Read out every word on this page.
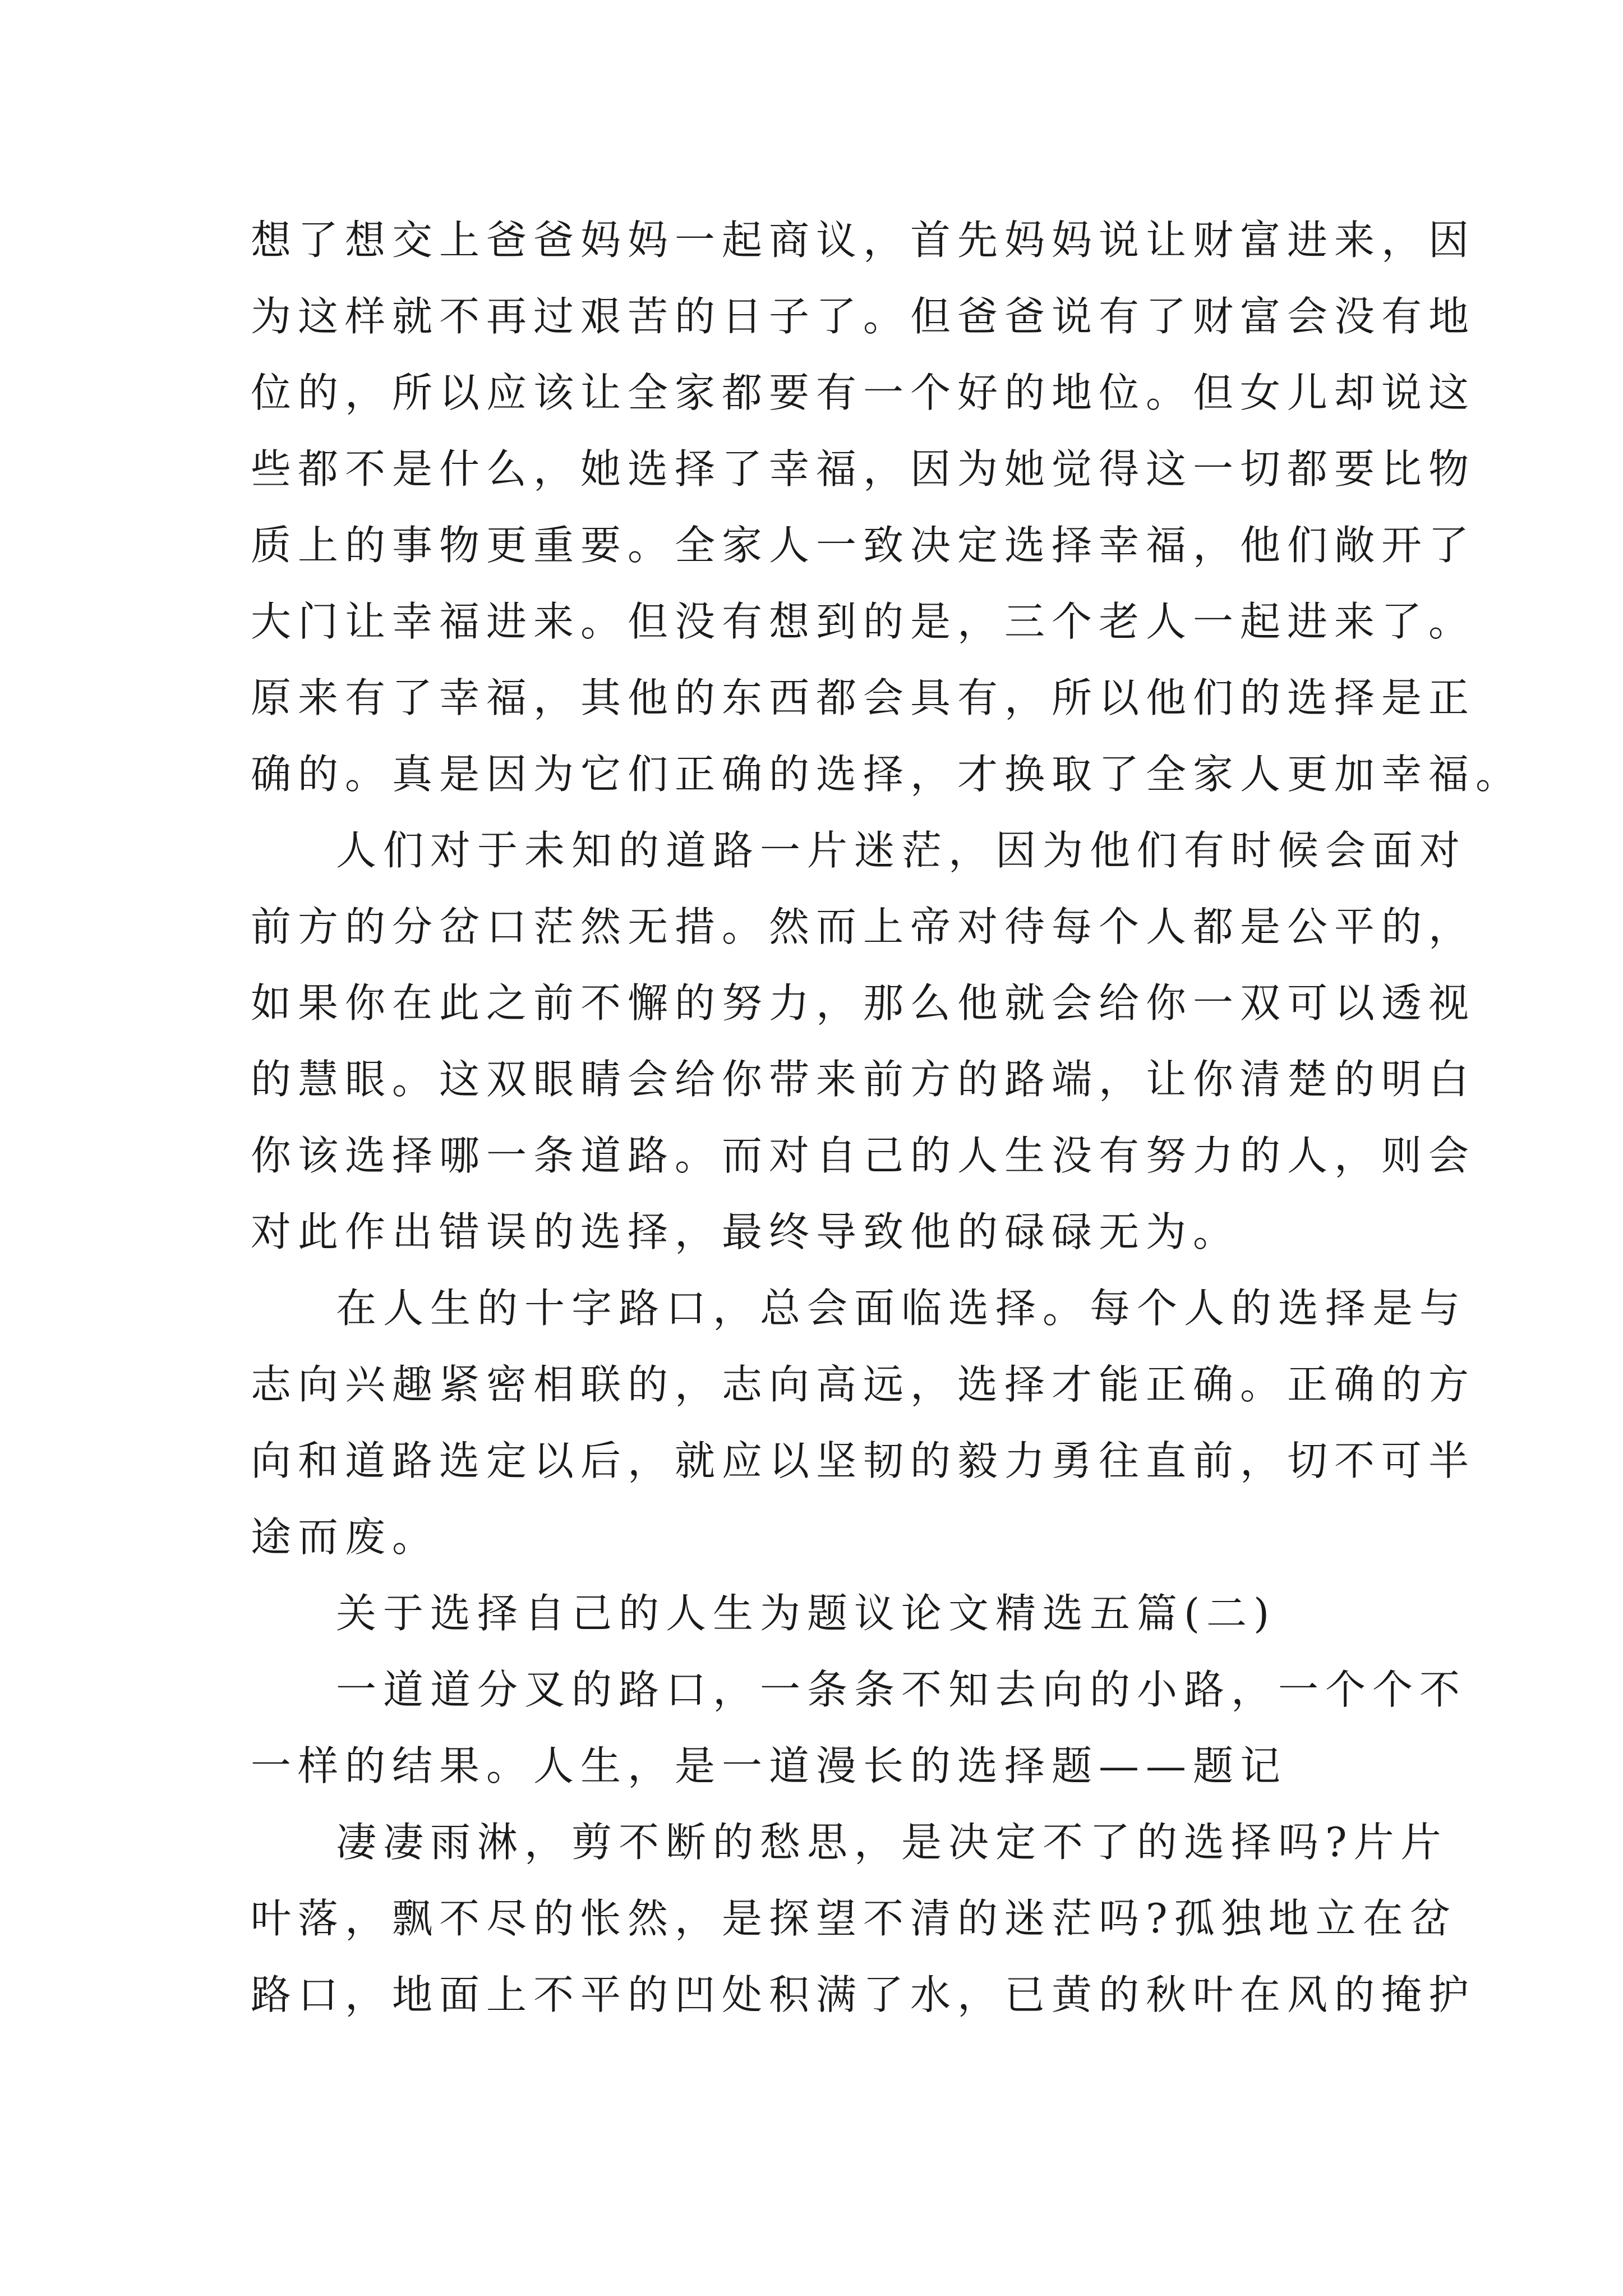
想了想交上爸爸妈妈一起商议，首先妈妈说让财富进来，因
为这样就不再过艰苦的日子了。但爸爸说有了财富会没有地
位的，所以应该让全家都要有一个好的地位。但女儿却说这
些都不是什么，她选择了幸福，因为她觉得这一切都要比物
质上的事物更重要。全家人一致决定选择幸福，他们敞开了
大门让幸福进来。但没有想到的是，三个老人一起进来了。
原来有了幸福，其他的东西都会具有，所以他们的选择是正
确的。真是因为它们正确的选择，才换取了全家人更加幸福。
人们对于未知的道路一片迷茫，因为他们有时候会面对
前方的分岔口茫然无措。然而上帝对待每个人都是公平的，
如果你在此之前不懈的努力，那么他就会给你一双可以透视
的慧眼。这双眼睛会给你带来前方的路端，让你清楚的明白
你该选择哪一条道路。而对自己的人生没有努力的人，则会
对此作出错误的选择，最终导致他的碌碌无为。
在人生的十字路口，总会面临选择。每个人的选择是与
志向兴趣紧密相联的，志向高远，选择才能正确。正确的方
向和道路选定以后，就应以坚韧的毅力勇往直前，切不可半
途而废。
关于选择自己的人生为题议论文精选五篇(二)
一道道分叉的路口，一条条不知去向的小路，一个个不
一样的结果。人生，是一道漫长的选择题——题记
凄凄雨淋，剪不断的愁思，是决定不了的选择吗?片片
叶落，飘不尽的怅然，是探望不清的迷茫吗?孤独地立在岔
路口，地面上不平的凹处积满了水，已黄的秋叶在风的掩护
